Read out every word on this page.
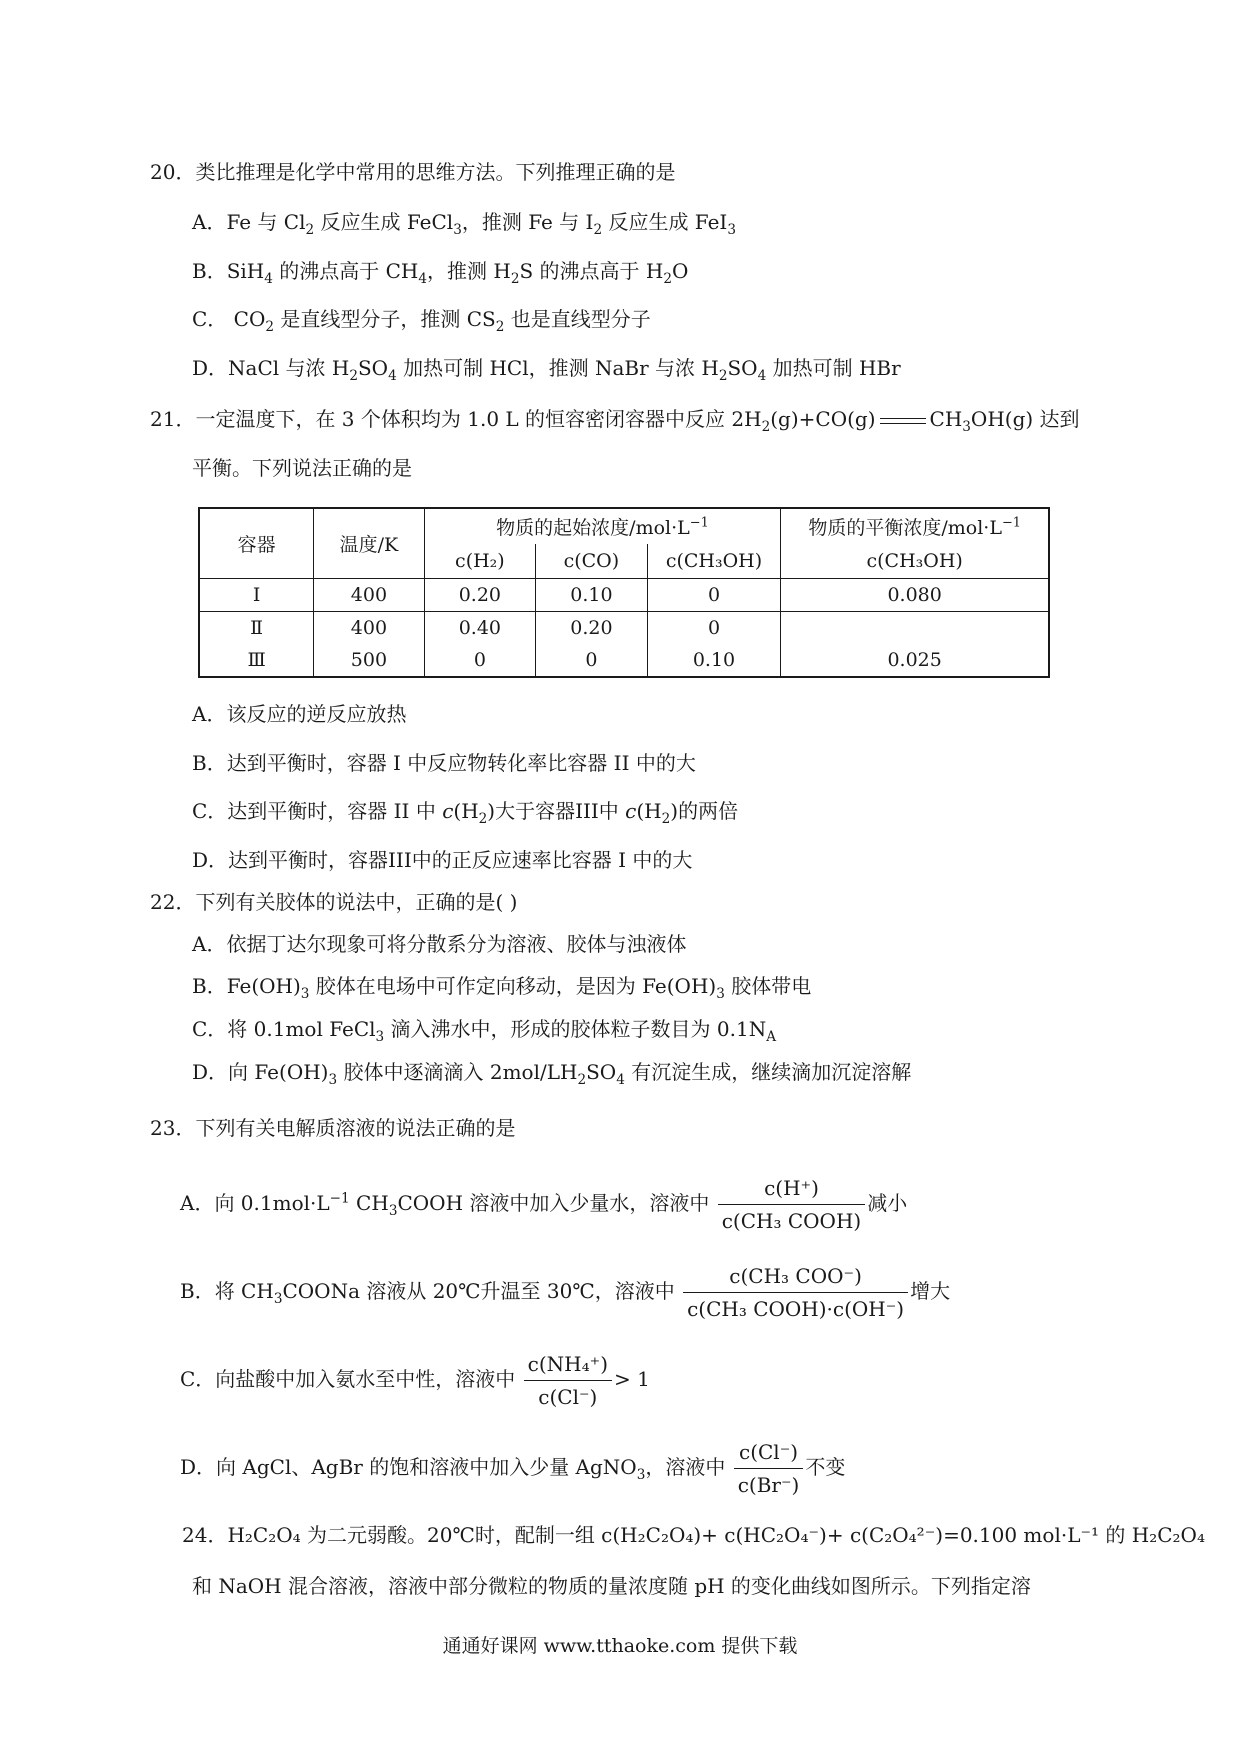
20．类比推理是化学中常用的思维方法。下列推理正确的是
A．Fe 与 $Cl_2$ 反应生成 FeCl$_3$，推测 Fe 与 $I_2$ 反应生成 FeI$_3$
B．SiH$_4$ 的沸点高于 $CH_4$，推测 $H_2S$ 的沸点高于 $H_2O$
C． $CO_2$ 是直线型分子，推测 $CS_2$ 也是直线型分子
D．NaCl 与浓 $H_2SO_4$ 加热可制 HCl，推测 NaBr 与浓 $H_2SO_4$ 加热可制 HBr
21．一定温度下，在 3 个体积均为 1.0 L 的恒容密闭容器中反应 $2H_2(g)+CO(g)$	$CH_3OH(g)$ 达到
平衡。下列说法正确的是
容器	温度/K	物质的起始浓度$/mol\cdot L^{-1}$			物质的平衡浓度$/mol\cdot L^{-1}$
		c(H₂)	c(CO)	c(CH₃OH)	c(CH₃OH)
Ⅰ	400	0.20	0.10	0	0.080
Ⅱ	400	0.40	0.20	0	
Ⅲ	500	0	0	0.10	0.025
A．该反应的逆反应放热
B．达到平衡时，容器 I 中反应物转化率比容器 II 中的大
C．达到平衡时，容器 II 中 $c(H_2)$大于容器III中 $c(H_2)$的两倍
D．达到平衡时，容器III中的正反应速率比容器 I 中的大
22．下列有关胶体的说法中，正确的是( )
A．依据丁达尔现象可将分散系分为溶液、胶体与浊液体
B．$Fe(OH)_3$ 胶体在电场中可作定向移动，是因为 $Fe(OH)_3$ 胶体带电
C．将 0.1mol FeCl$_3$ 滴入沸水中，形成的胶体粒子数目为 $0.1N_A$
D．向 $Fe(OH)_3$ 胶体中逐滴滴入 $2mol/LH_2SO_4$ 有沉淀生成，继续滴加沉淀溶解
23．下列有关电解质溶液的说法正确的是
A．向 $0.1mol\cdot L^{-1}$ $CH_3COOH$ 溶液中加入少量水，溶液中 $\frac{c(H^+)}{\text{c(CH₃ COOH)}}$ 减小
B．将 $CH_3COONa$ 溶液从 20℃升温至 30℃，溶液中 $\frac{\text{c(CH₃ COO⁻)}}{\text{c(CH₃ COOH)·c(OH⁻)}}$ 增大
C．向盐酸中加入氨水至中性，溶液中 $\frac{\text{c(NH₄⁺)}}{c(Cl^-)} > 1$
D．向 AgCl、AgBr 的饱和溶液中加入少量 AgNO$_3$，溶液中 $\frac{c(Cl^-)}{c(Br^-)}$ 不变
24．H₂C₂O₄ 为二元弱酸。20℃时，配制一组 c(H₂C₂O₄)+ c(HC₂O₄⁻)+ c(C₂O₄²⁻)=0.100 mol·L⁻¹ 的 H₂C₂O₄
和 NaOH 混合溶液，溶液中部分微粒的物质的量浓度随 pH 的变化曲线如图所示。下列指定溶
通通好课网 www.tthaoke.com 提供下载
